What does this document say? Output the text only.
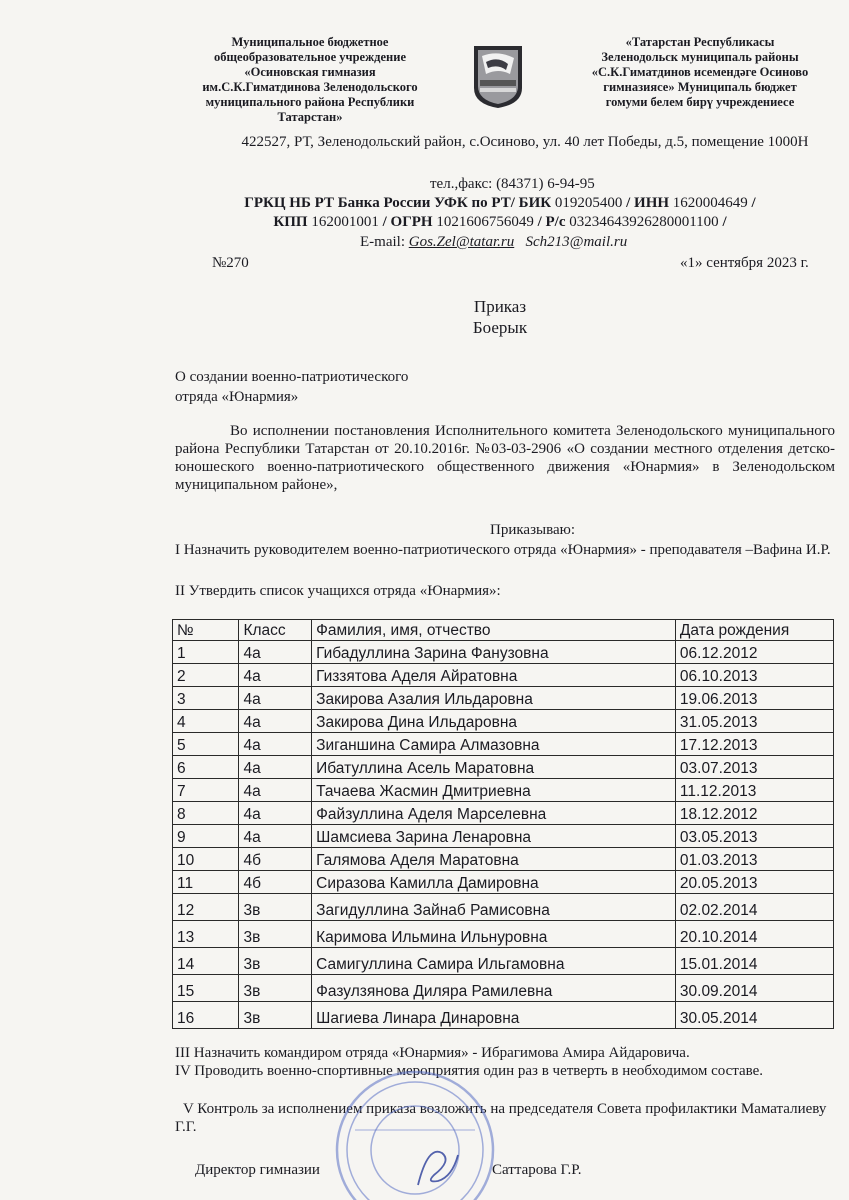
Муниципальное бюджетное
общеобразовательное учреждение
«Осиновская гимназия
им.С.К.Гиматдинова Зеленодольского
муниципального района Республики
Татарстан»
«Татарстан Республикасы
Зеленодольск муниципаль районы
«С.К.Гиматдинов исемендәге Осиново
гимназиясе» Муниципаль бюджет
гомуми белем бирү учреждениесе
422527, РТ, Зеленодольский район, с.Осиново, ул. 40 лет Победы, д.5, помещение 1000Н
тел.,факс: (84371) 6-94-95
ГРКЦ НБ РТ Банка России УФК по РТ/ БИК 019205400 / ИНН 1620004649 /
КПП 162001001 / ОГРН 1021606756049 / Р/с 03234643926280001100 /
E-mail: Gos.Zel@tatar.ru Sch213@mail.ru
№270	«1» сентября 2023 г.
Приказ
Боерык
О создании военно-патриотического
отряда «Юнармия»
Во исполнении постановления Исполнительного комитета Зеленодольского муниципального района Республики Татарстан от 20.10.2016г. №03-03-2906 «О создании местного отделения детско-юношеского военно-патриотического общественного движения «Юнармия» в Зеленодольском муниципальном районе»,
Приказываю:
I Назначить руководителем военно-патриотического отряда «Юнармия» - преподавателя –Вафина И.Р.
II Утвердить список учащихся отряда «Юнармия»:
№	Класс	Фамилия, имя, отчество	Дата рождения
1	4а	Гибадуллина Зарина Фанузовна	06.12.2012
2	4а	Гиззятова Аделя Айратовна	06.10.2013
3	4а	Закирова Азалия Ильдаровна	19.06.2013
4	4а	Закирова Дина Ильдаровна	31.05.2013
5	4а	Зиганшина Самира Алмазовна	17.12.2013
6	4а	Ибатуллина Асель Маратовна	03.07.2013
7	4а	Тачаева Жасмин Дмитриевна	11.12.2013
8	4а	Файзуллина Аделя Марселевна	18.12.2012
9	4а	Шамсиева Зарина Ленаровна	03.05.2013
10	4б	Галямова Аделя Маратовна	01.03.2013
11	4б	Сиразова Камилла Дамировна	20.05.2013
12	3в	Загидуллина Зайнаб Рамисовна	02.02.2014
13	3в	Каримова Ильмина Ильнуровна	20.10.2014
14	3в	Самигуллина Самира Ильгамовна	15.01.2014
15	3в	Фазулзянова Диляра Рамилевна	30.09.2014
16	3в	Шагиева Линара Динаровна	30.05.2014
III Назначить командиром отряда «Юнармия» - Ибрагимова Амира Айдаровича.
IV Проводить военно-спортивные мероприятия один раз в четверть в необходимом составе.
V Контроль за исполнением приказа возложить на председателя Совета профилактики Маматалиеву Г.Г.
Директор гимназии	Саттарова Г.Р.
